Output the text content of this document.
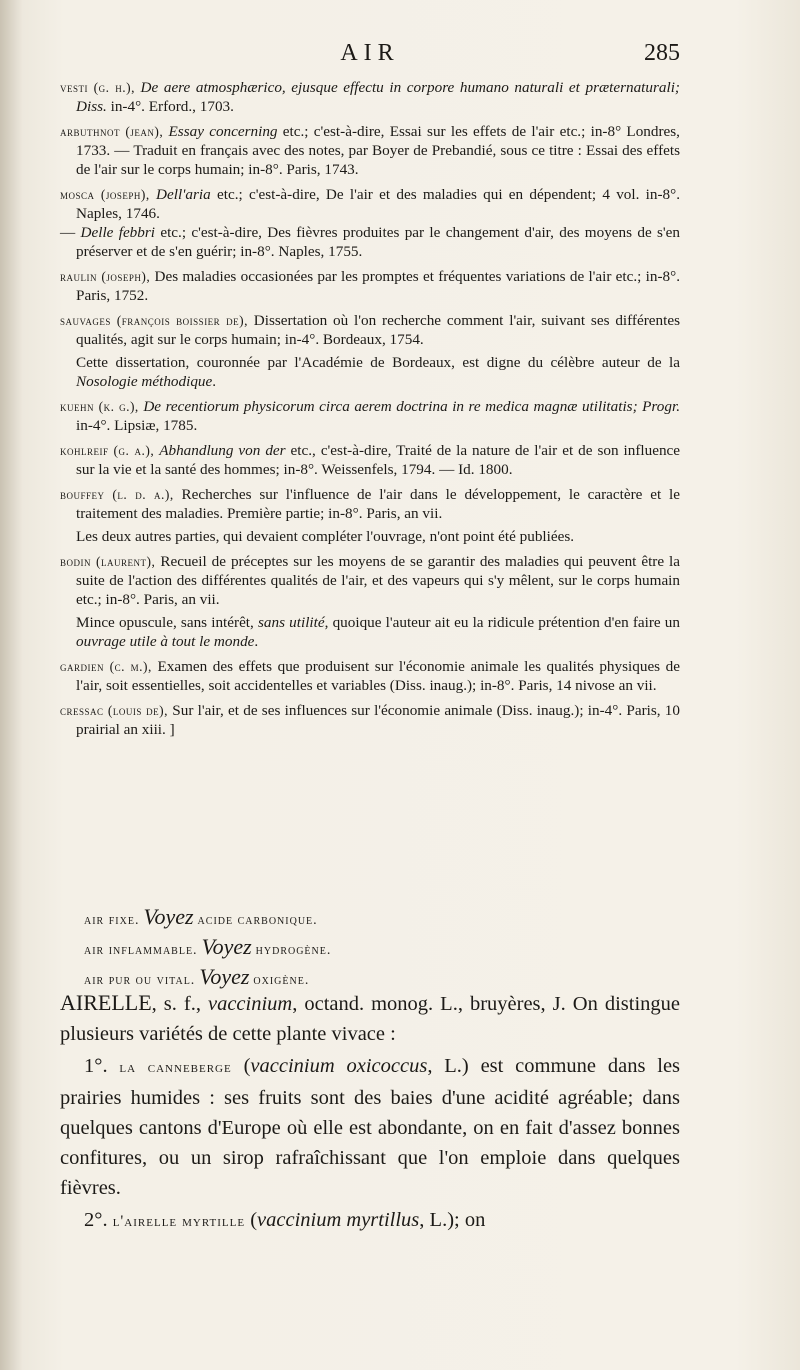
AIR	285

vesti (g. h.), De aere atmosphærico, ejusque effectu in corpore humano naturali et præternaturali; Diss. in-4°. Erford., 1703.

arbuthnot (jean), Essay concerning etc.; c'est-à-dire, Essai sur les effets de l'air etc.; in-8° Londres, 1733. — Traduit en français avec des notes, par Boyer de Prebandié, sous ce titre : Essai des effets de l'air sur le corps humain; in-8°. Paris, 1743.

mosca (joseph), Dell'aria etc.; c'est-à-dire, De l'air et des maladies qui en dépendent; 4 vol. in-8°. Naples, 1746.

— Delle febbri etc.; c'est-à-dire, Des fièvres produites par le changement d'air, des moyens de s'en préserver et de s'en guérir; in-8°. Naples, 1755.

raulin (joseph), Des maladies occasionées par les promptes et fréquentes variations de l'air etc.; in-8°. Paris, 1752.

sauvages (françois boissier de), Dissertation où l'on recherche comment l'air, suivant ses différentes qualités, agit sur le corps humain; in-4°. Bordeaux, 1754.

Cette dissertation, couronnée par l'Académie de Bordeaux, est digne du célèbre auteur de la Nosologie méthodique.

kuehn (k. g.), De recentiorum physicorum circa aerem doctrina in re medica magnæ utilitatis; Progr. in-4°. Lipsiæ, 1785.

kohlreif (g. a.), Abhandlung von der etc., c'est-à-dire, Traité de la nature de l'air et de son influence sur la vie et la santé des hommes; in-8°. Weissenfels, 1794. — Id. 1800.

bouffey (l. d. a.), Recherches sur l'influence de l'air dans le développement, le caractère et le traitement des maladies. Première partie; in-8°. Paris, an vii.

Les deux autres parties, qui devaient compléter l'ouvrage, n'ont point été publiées.

bodin (laurent), Recueil de préceptes sur les moyens de se garantir des maladies qui peuvent être la suite de l'action des différentes qualités de l'air, et des vapeurs qui s'y mêlent, sur le corps humain etc.; in-8°. Paris, an vii.

Mince opuscule, sans intérêt, sans utilité, quoique l'auteur ait eu la ridicule prétention d'en faire un ouvrage utile à tout le monde.

gardien (c. m.), Examen des effets que produisent sur l'économie animale les qualités physiques de l'air, soit essentielles, soit accidentelles et variables (Diss. inaug.); in-8°. Paris, 14 nivose an vii.

cressac (louis de), Sur l'air, et de ses influences sur l'économie animale (Diss. inaug.); in-4°. Paris, 10 prairial an xiii. ]

air fixe. Voyez acide carbonique.
air inflammable. Voyez hydrogène.
air pur ou vital. Voyez oxigène.

AIRELLE, s. f., vaccinium, octand. monog. L., bruyères, J. On distingue plusieurs variétés de cette plante vivace :

1°. la canneberge (vaccinium oxicoccus, L.) est commune dans les prairies humides : ses fruits sont des baies d'une acidité agréable; dans quelques cantons d'Europe où elle est abondante, on en fait d'assez bonnes confitures, ou un sirop rafraîchissant que l'on emploie dans quelques fièvres.

2°. l'airelle myrtille (vaccinium myrtillus, L.); on
